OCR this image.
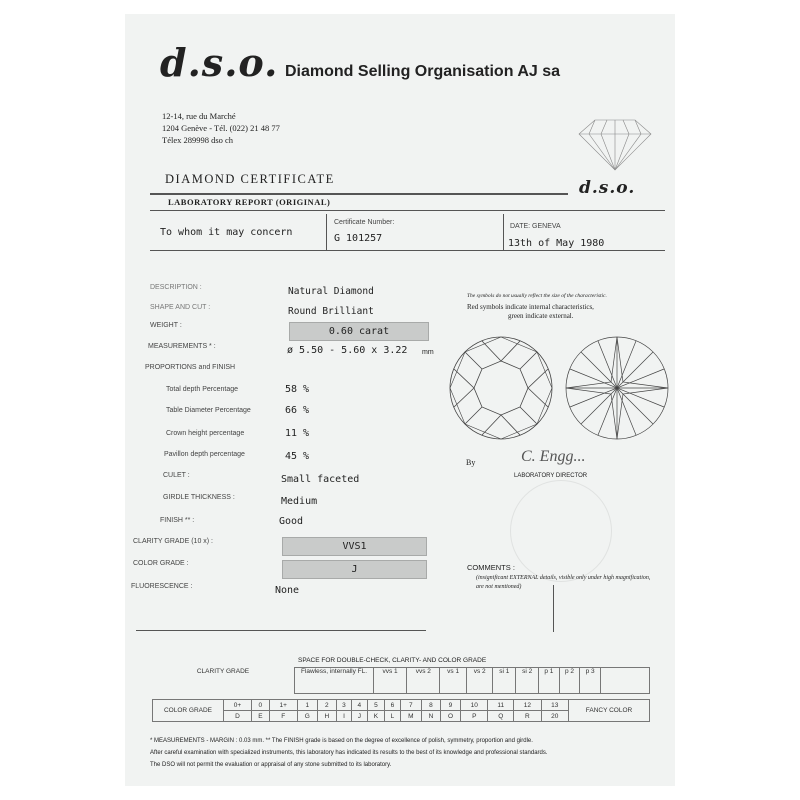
d.s.o. Diamond Selling Organisation AJ sa
12-14, rue du Marché
1204 Genève - Tél. (022) 21 48 77
Télex 289998 dso ch
d.s.o.
DIAMOND CERTIFICATE
LABORATORY REPORT (ORIGINAL)
To whom it may concern
Certificate Number:
G 101257
DATE: GENEVA
13th of May 1980
DESCRIPTION :	Natural Diamond
SHAPE AND CUT :	Round Brilliant
WEIGHT :
0.60 carat
MEASUREMENTS * :	ø 5.50 - 5.60 x 3.22 mm
PROPORTIONS and FINISH
Total depth Percentage	58 %
Table Diameter Percentage	66 %
Crown height percentage	11 %
Pavillon depth percentage	45 %
CULET :	Small faceted
GIRDLE THICKNESS :	Medium
FINISH ** :	Good
CLARITY GRADE (10 x) :	VVS1
COLOR GRADE :
J
FLUORESCENCE :	None
The symbols do not usually reflect the size of the characteristic.
Red symbols indicate internal characteristics,
green indicate external.
By	C. Engg...
LABORATORY DIRECTOR
COMMENTS :
(insignificant EXTERNAL details, visible only under high magnification, are not mentioned)
SPACE FOR DOUBLE-CHECK, CLARITY- AND COLOR GRADE
CLARITY GRADE	Flawless, internally FL.	vvs 1	vvs 2	vs 1	vs 2	si 1	si 2	p 1	p 2	p 3	
COLOR GRADE	0+	0	1+	1	2	3	4	5	6	7	8	9	10	11	12	13	FANCY COLOR
	D	E	F	G	H	I	J	K	L	M	N	O	P	Q	R	20	
* MEASUREMENTS - MARGIN : 0.03 mm. ** The FINISH grade is based on the degree of excellence of polish, symmetry, proportion and girdle.
After careful examination with specialized instruments, this laboratory has indicated its results to the best of its knowledge and professional standards.
The DSO will not permit the evaluation or appraisal of any stone submitted to its laboratory.
